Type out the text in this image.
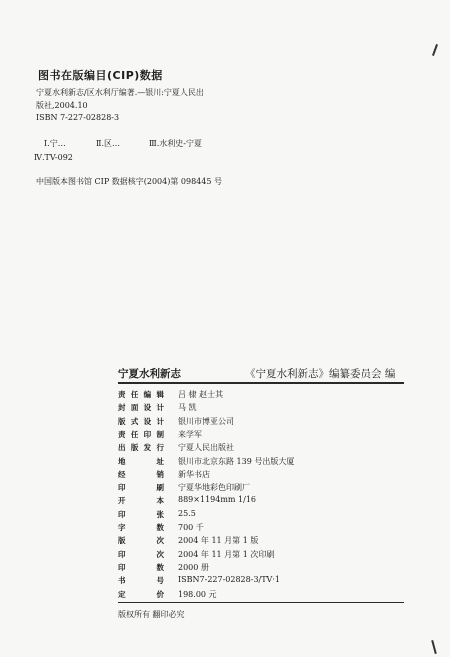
图书在版编目(CIP)数据
宁夏水利新志/区水利厅编著.—银川:宁夏人民出
版社,2004.10
ISBN 7-227-02828-3
Ⅰ.宁…	Ⅱ.区…	Ⅲ.水利史-宁夏
Ⅳ.TV-092
中国版本图书馆 CIP 数据核字(2004)第 098445 号
宁夏水利新志	《宁夏水利新志》编纂委员会 编
责任编辑 吕 棣 赵士其
封面设计 马 凯
版式设计 银川市博亚公司
责任印制 来学军
出版发行 宁夏人民出版社
地址 银川市北京东路 139 号出版大厦
经销 新华书店
印刷 宁夏华地彩色印刷厂
开本 889×1194mm 1/16
印张 25.5
字数 700 千
版次 2004 年 11 月第 1 版
印次 2004 年 11 月第 1 次印刷
印数 2000 册
书号 ISBN7-227-02828-3/TV·1
定价 198.00 元
版权所有 翻印必究
